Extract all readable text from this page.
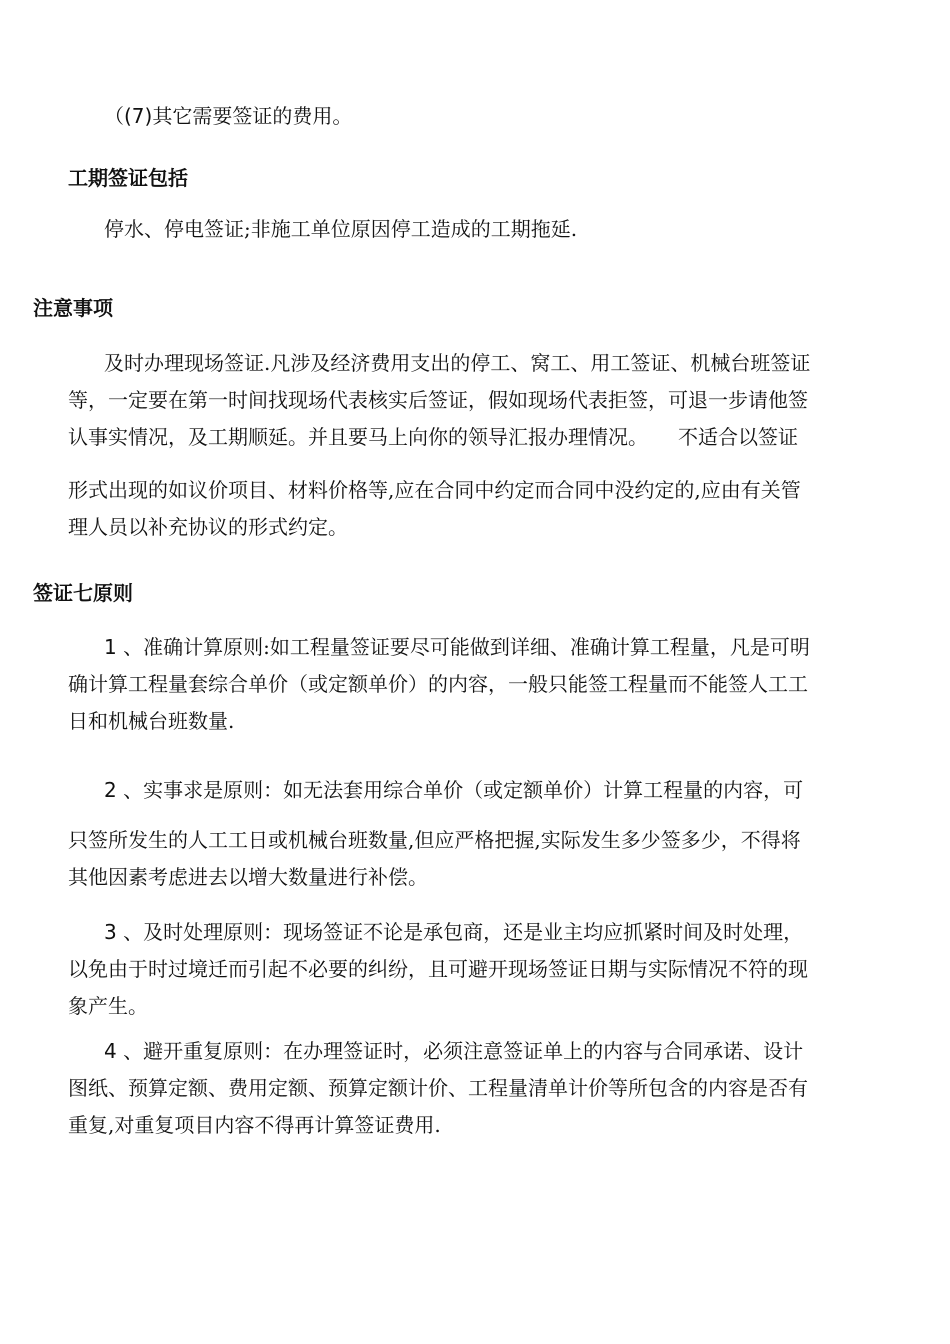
（(7)其它需要签证的费用。
工期签证包括
停水、停电签证;非施工单位原因停工造成的工期拖延.
注意事项
及时办理现场签证.凡涉及经济费用支出的停工、窝工、用工签证、机械台班签证
等，一定要在第一时间找现场代表核实后签证，假如现场代表拒签，可退一步请他签
认事实情况，及工期顺延。并且要马上向你的领导汇报办理情况。　　不适合以签证
形式出现的如议价项目、材料价格等,应在合同中约定而合同中没约定的,应由有关管
理人员以补充协议的形式约定。
签证七原则
1 、准确计算原则:如工程量签证要尽可能做到详细、准确计算工程量，凡是可明
确计算工程量套综合单价（或定额单价）的内容，一般只能签工程量而不能签人工工
日和机械台班数量.
2 、实事求是原则：如无法套用综合单价（或定额单价）计算工程量的内容，可
只签所发生的人工工日或机械台班数量,但应严格把握,实际发生多少签多少，不得将
其他因素考虑进去以增大数量进行补偿。
3 、及时处理原则：现场签证不论是承包商，还是业主均应抓紧时间及时处理，
以免由于时过境迁而引起不必要的纠纷，且可避开现场签证日期与实际情况不符的现
象产生。
4 、避开重复原则：在办理签证时，必须注意签证单上的内容与合同承诺、设计
图纸、预算定额、费用定额、预算定额计价、工程量清单计价等所包含的内容是否有
重复,对重复项目内容不得再计算签证费用.
